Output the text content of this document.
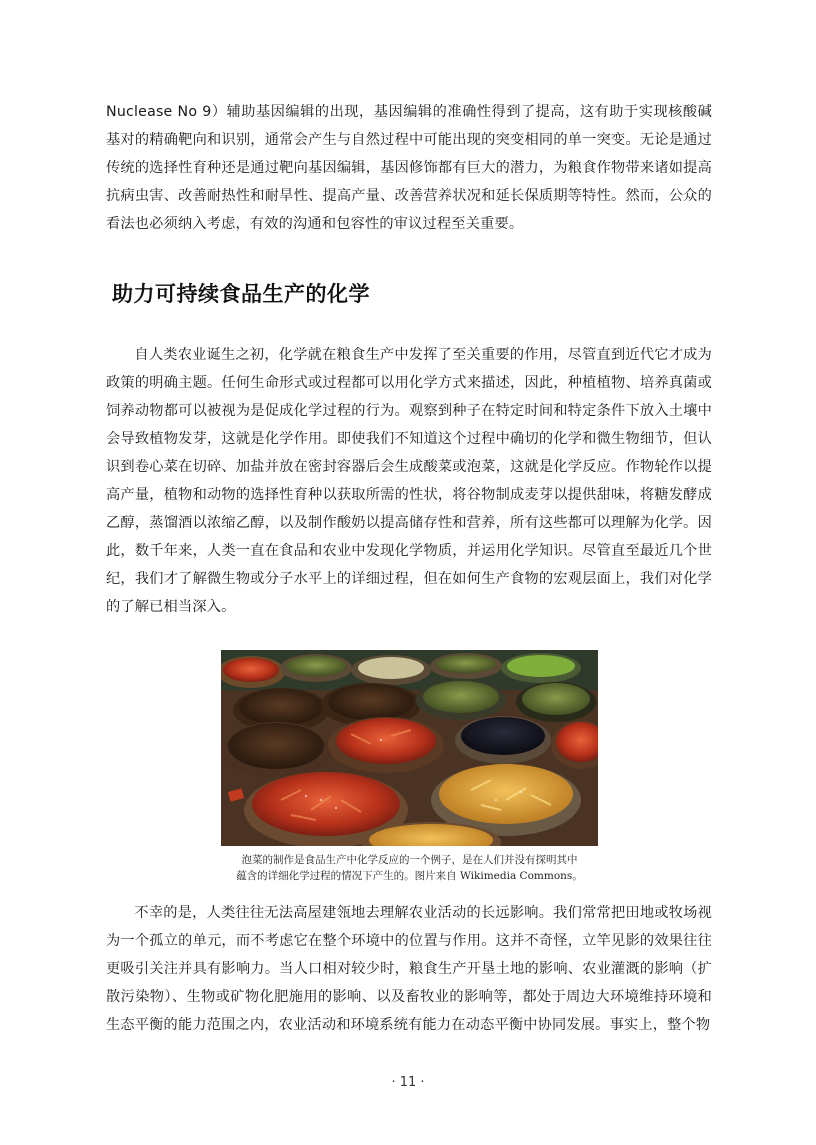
Nuclease No 9）辅助基因编辑的出现，基因编辑的准确性得到了提高，这有助于实现核酸碱基对的精确靶向和识别，通常会产生与自然过程中可能出现的突变相同的单一突变。无论是通过传统的选择性育种还是通过靶向基因编辑，基因修饰都有巨大的潜力，为粮食作物带来诸如提高抗病虫害、改善耐热性和耐旱性、提高产量、改善营养状况和延长保质期等特性。然而，公众的看法也必须纳入考虑，有效的沟通和包容性的审议过程至关重要。

助力可持续食品生产的化学

自人类农业诞生之初，化学就在粮食生产中发挥了至关重要的作用，尽管直到近代它才成为政策的明确主题。任何生命形式或过程都可以用化学方式来描述，因此，种植植物、培养真菌或饲养动物都可以被视为是促成化学过程的行为。观察到种子在特定时间和特定条件下放入土壤中会导致植物发芽，这就是化学作用。即使我们不知道这个过程中确切的化学和微生物细节，但认识到卷心菜在切碎、加盐并放在密封容器后会生成酸菜或泡菜，这就是化学反应。作物轮作以提高产量，植物和动物的选择性育种以获取所需的性状，将谷物制成麦芽以提供甜味，将糖发酵成乙醇，蒸馏酒以浓缩乙醇，以及制作酸奶以提高储存性和营养，所有这些都可以理解为化学。因此，数千年来，人类一直在食品和农业中发现化学物质，并运用化学知识。尽管直至最近几个世纪，我们才了解微生物或分子水平上的详细过程，但在如何生产食物的宏观层面上，我们对化学的了解已相当深入。

泡菜的制作是食品生产中化学反应的一个例子，是在人们并没有探明其中
蕴含的详细化学过程的情况下产生的。图片来自 Wikimedia Commons。

不幸的是，人类往往无法高屋建瓴地去理解农业活动的长远影响。我们常常把田地或牧场视为一个孤立的单元，而不考虑它在整个环境中的位置与作用。这并不奇怪，立竿见影的效果往往更吸引关注并具有影响力。当人口相对较少时，粮食生产开垦土地的影响、农业灌溉的影响（扩散污染物）、生物或矿物化肥施用的影响、以及畜牧业的影响等，都处于周边大环境维持环境和生态平衡的能力范围之内，农业活动和环境系统有能力在动态平衡中协同发展。事实上，整个物

· 11 ·
